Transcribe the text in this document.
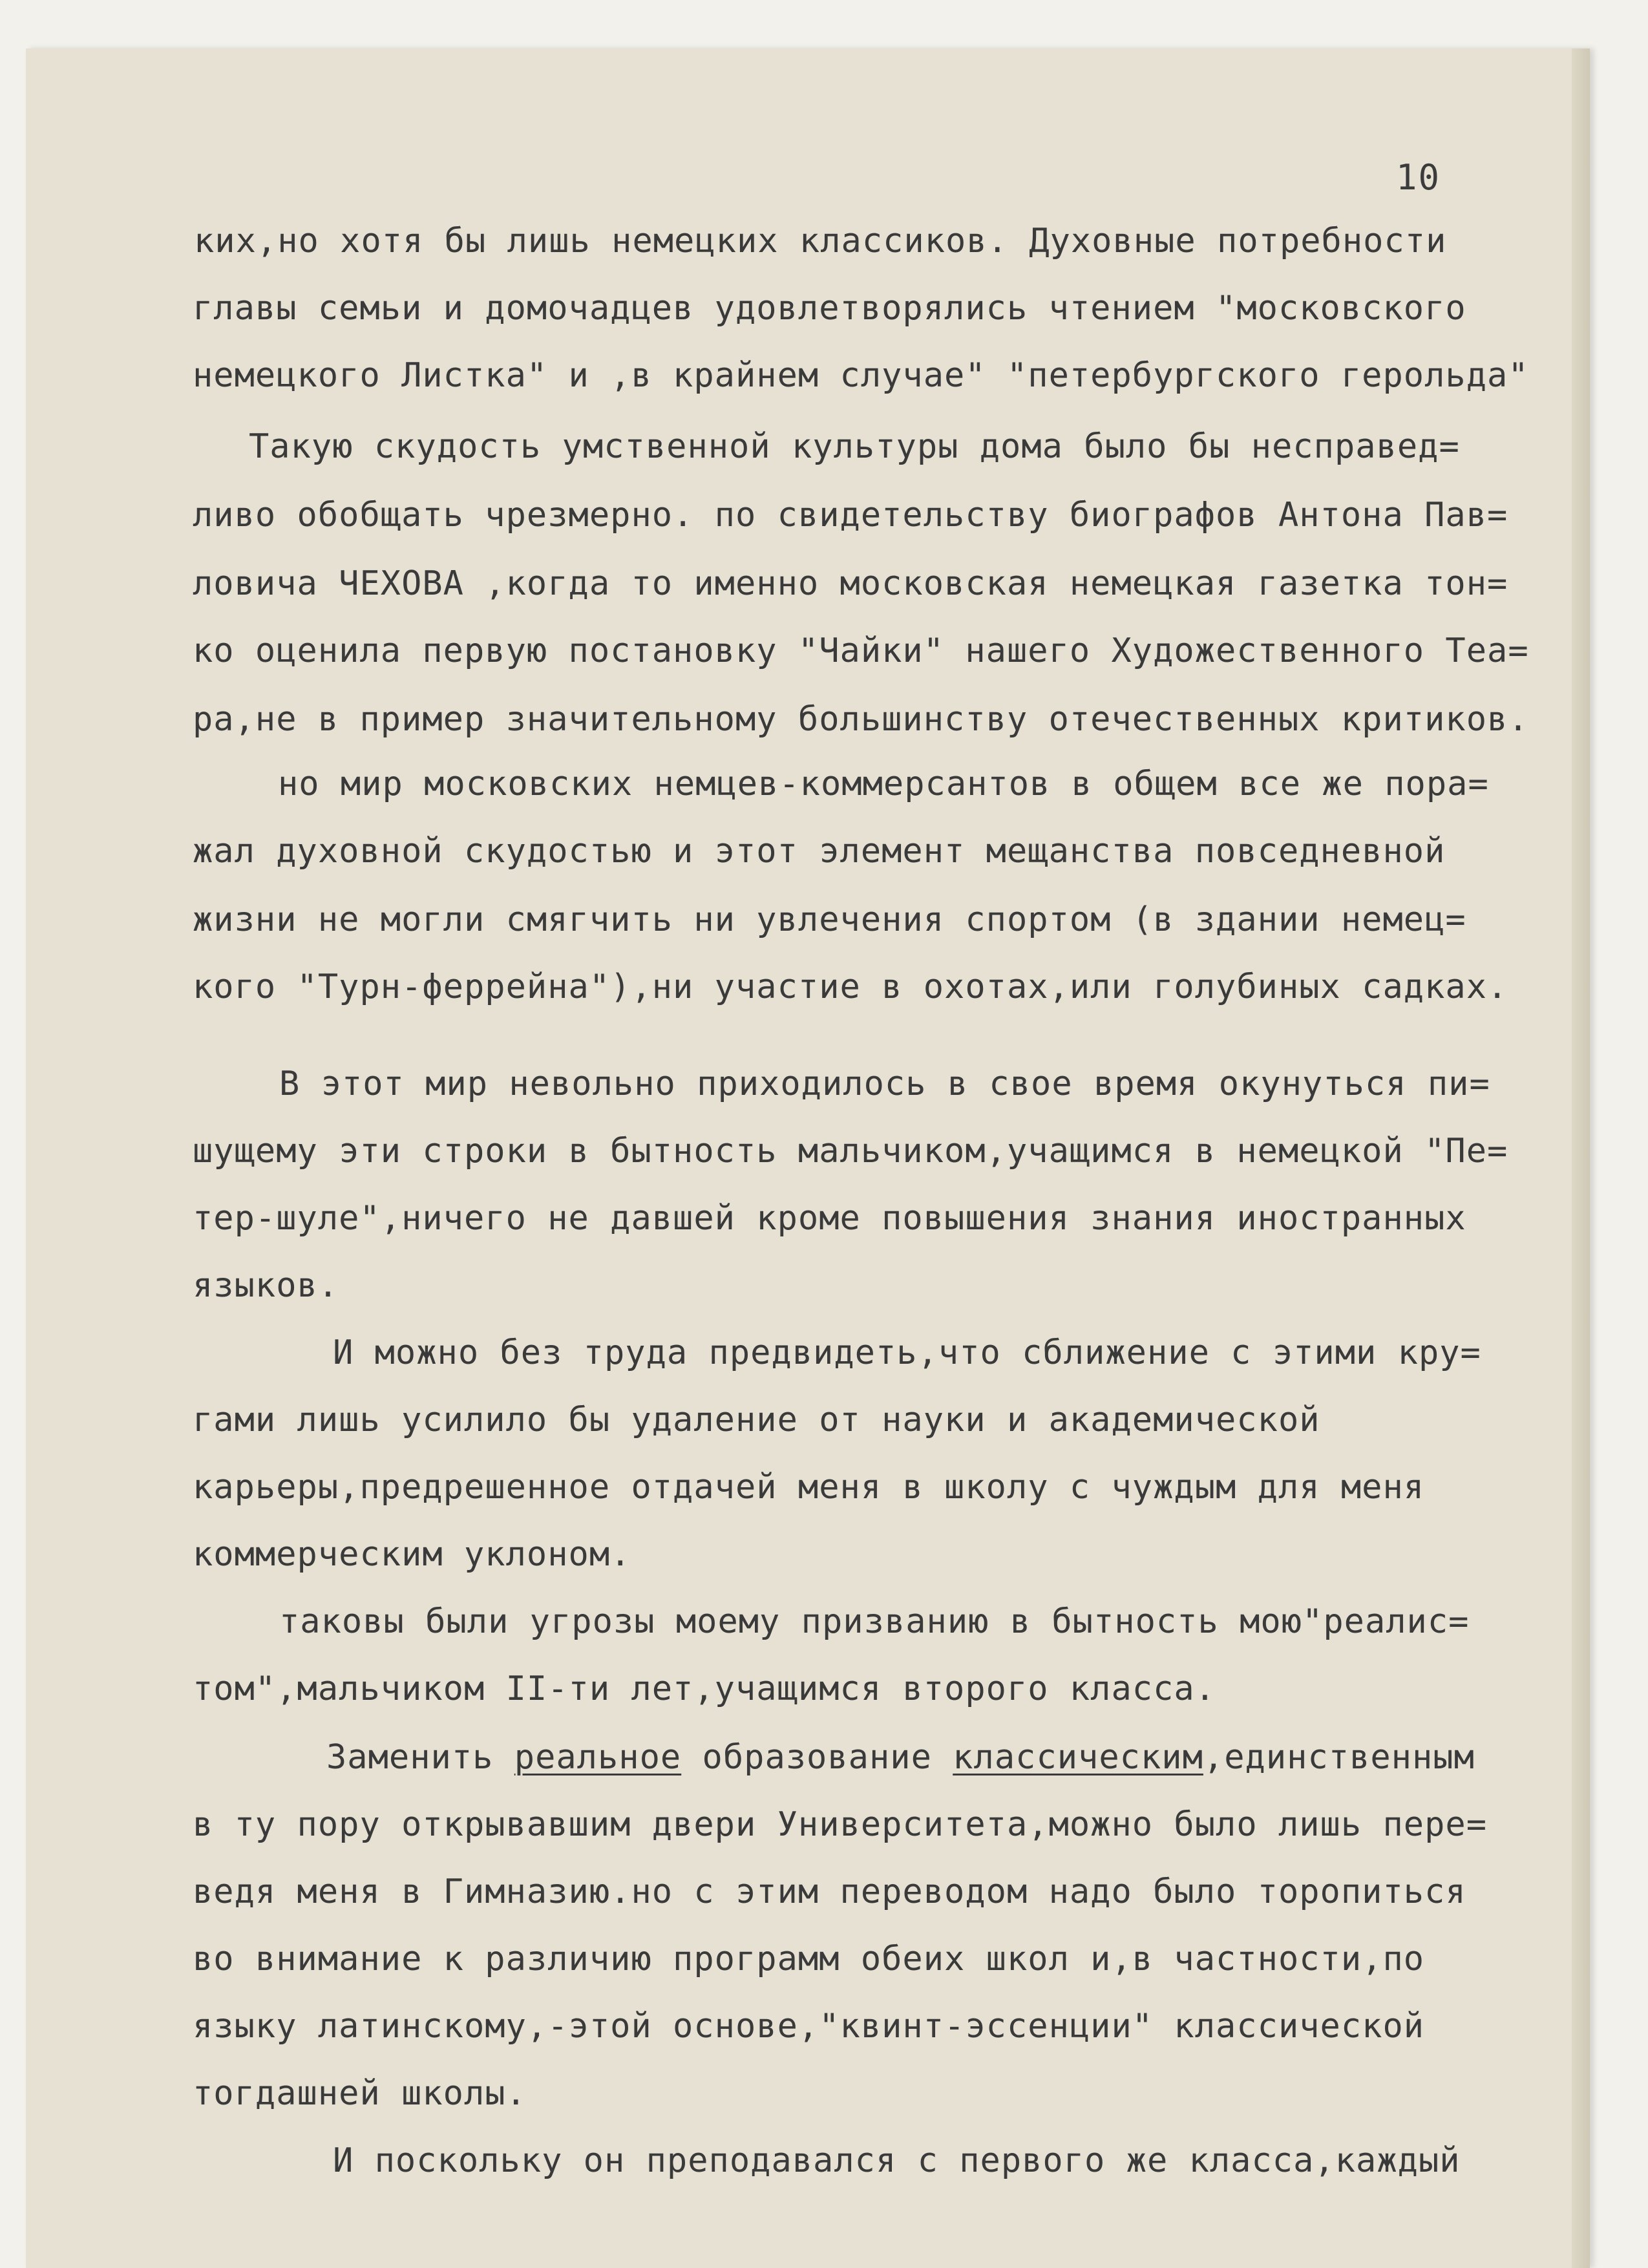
10
ких,но хотя бы лишь немецких классиков. Духовные потребности
главы семьи и домочадцев удовлетворялись чтением "московского
немецкого Листка" и ,в крайнем случае" "петербургского герольда"
Такую скудость умственной культуры дома было бы несправед=
ливо обобщать чрезмерно. по свидетельству биографов Антона Пав=
ловича ЧЕХОВА ,когда то именно московская немецкая газетка тон=
ко оценила первую постановку "Чайки" нашего Художественного Теа=
ра,не в пример значительному большинству отечественных критиков.
но мир московских немцев-коммерсантов в общем все же пора=
жал духовной скудостью и этот элемент мещанства повседневной
жизни не могли смягчить ни увлечения спортом (в здании немец=
кого "Турн-феррейна"),ни участие в охотах,или голубиных садках.
В этот мир невольно приходилось в свое время окунуться пи=
шущему эти строки в бытность мальчиком,учащимся в немецкой "Пе=
тер-шуле",ничего не давшей кроме повышения знания иностранных
языков.
И можно без труда предвидеть,что сближение с этими кру=
гами лишь усилило бы удаление от науки и академической
карьеры,предрешенное отдачей меня в школу с чуждым для меня
коммерческим уклоном.
таковы были угрозы моему призванию в бытность мою"реалис=
том",мальчиком II-ти лет,учащимся второго класса.
Заменить реальное образование классическим,единственным
в ту пору открывавшим двери Университета,можно было лишь пере=
ведя меня в Гимназию.но с этим переводом надо было торопиться
во внимание к различию программ обеих школ и,в частности,по
языку латинскому,-этой основе,"квинт-эссенции" классической
тогдашней школы.
И поскольку он преподавался с первого же класса,каждый
